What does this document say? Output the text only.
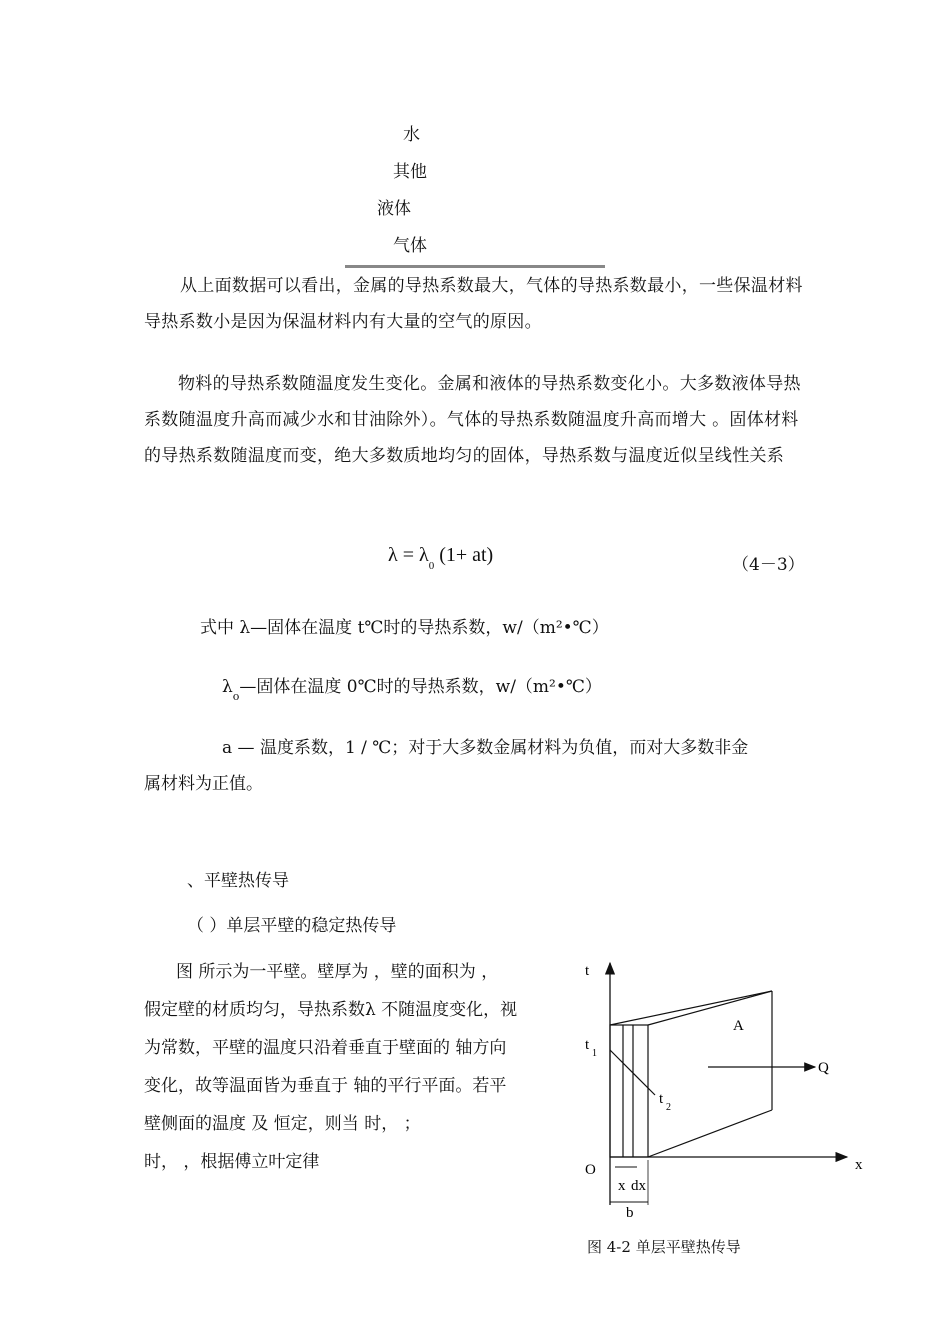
水
其他
液体
气体
从上面数据可以看出，金属的导热系数最大，气体的导热系数最小，一些保温材料导热系数小是因为保温材料内有大量的空气的原因。
物料的导热系数随温度发生变化。金属和液体的导热系数变化小。大多数液体导热系数随温度升高而减少水和甘油除外）。气体的导热系数随温度升高而增大 。固体材料的导热系数随温度而变，绝大多数质地均匀的固体，导热系数与温度近似呈线性关系
$\lambda = \lambda_0$ (1+ at)	（4－3）
式中 λ—固体在温度 t℃时的导热系数，w/（m²•℃）
$\lambda_o—$固体在温度 0℃时的导热系数，w/（m²•℃）
a — 温度系数，1 / ℃；对于大多数金属材料为负值，而对大多数非金
属材料为正值。
、平壁热传导
（ ）单层平壁的稳定热传导
图 所示为一平壁。壁厚为 ，壁的面积为 ，
假定壁的材质均匀，导热系数λ 不随温度变化，视
为常数，平壁的温度只沿着垂直于壁面的 轴方向
变化，故等温面皆为垂直于 轴的平行平面。若平
壁侧面的温度 及 恒定，则当 时， ；
时， ，根据傅立叶定律
t
x
A
Q
t
1
t
2
O
x dx
b
图 4-2 单层平壁热传导
